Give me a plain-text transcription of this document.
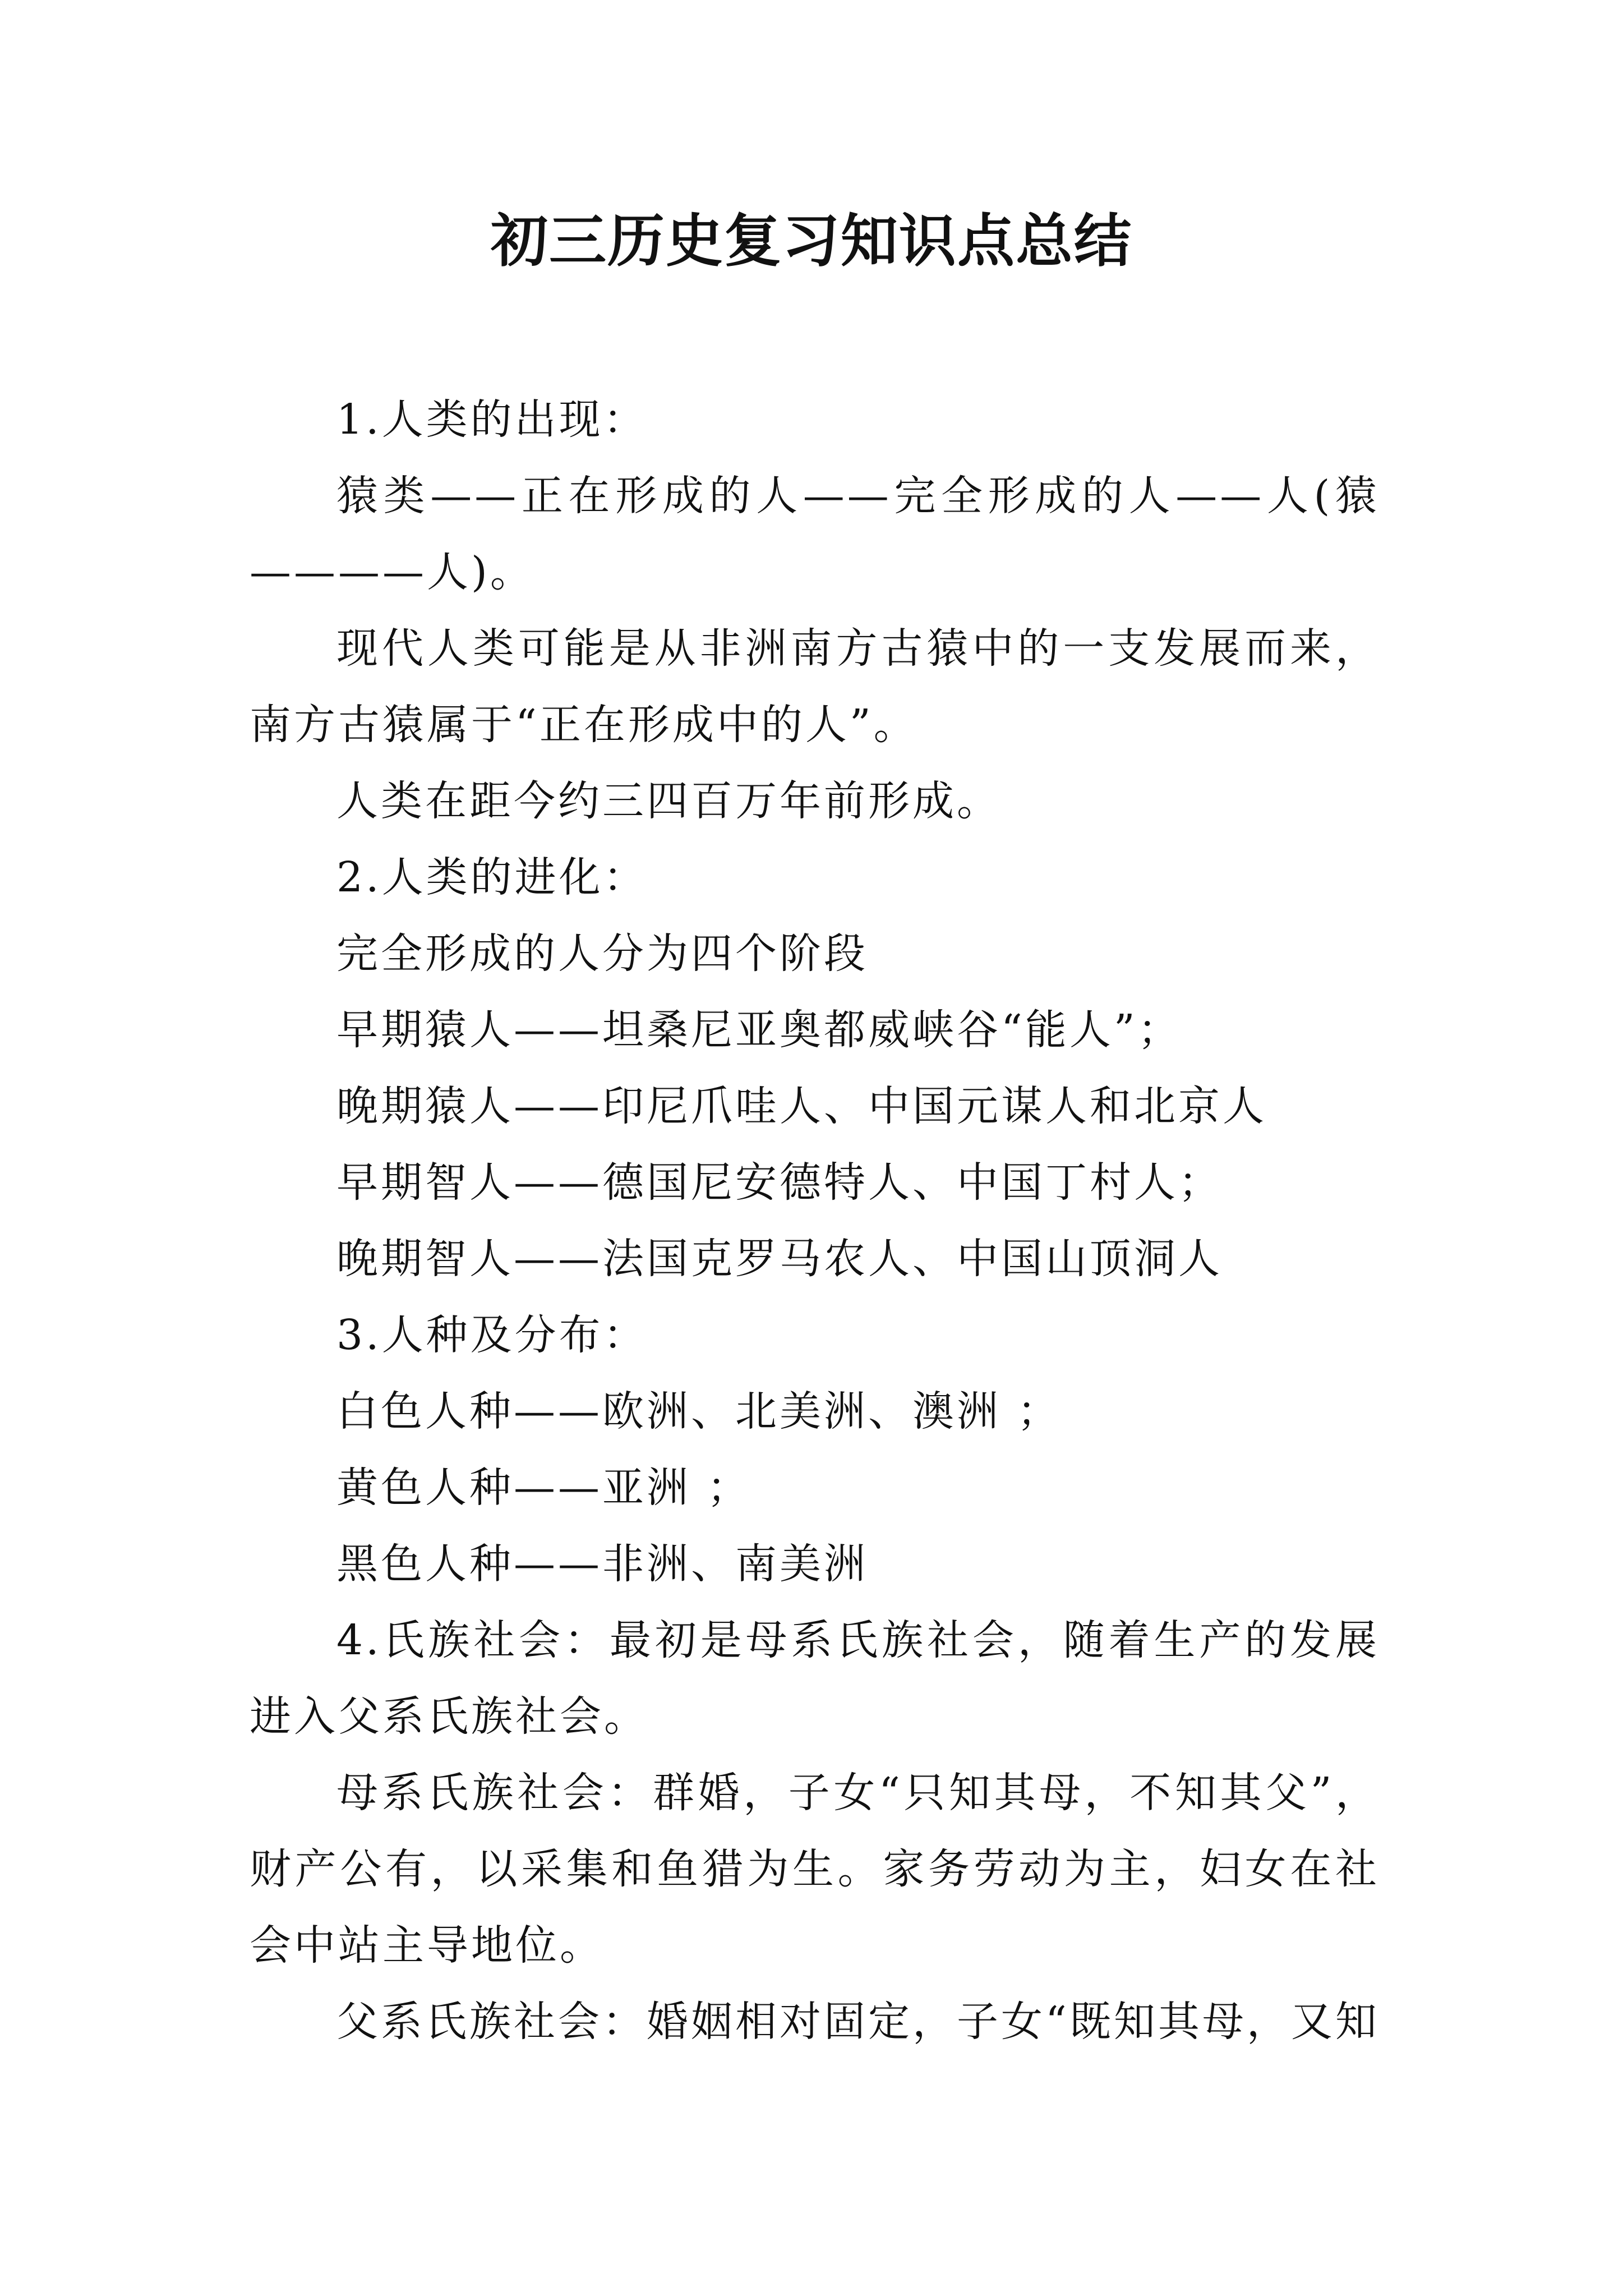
初三历史复习知识点总结

1.人类的出现：

猿类——正在形成的人——完全形成的人——人(猿————人)。

现代人类可能是从非洲南方古猿中的一支发展而来，南方古猿属于“正在形成中的人”。

人类在距今约三四百万年前形成。

2.人类的进化：

完全形成的人分为四个阶段

早期猿人——坦桑尼亚奥都威峡谷“能人”；

晚期猿人——印尼爪哇人、中国元谋人和北京人

早期智人——德国尼安德特人、中国丁村人；

晚期智人——法国克罗马农人、中国山顶洞人

3.人种及分布：

白色人种——欧洲、北美洲、澳洲 ；

黄色人种——亚洲 ；

黑色人种——非洲、南美洲

4.氏族社会：最初是母系氏族社会，随着生产的发展进入父系氏族社会。

母系氏族社会：群婚，子女“只知其母，不知其父”，财产公有，以采集和鱼猎为生。家务劳动为主，妇女在社会中站主导地位。

父系氏族社会：婚姻相对固定，子女“既知其母，又知
